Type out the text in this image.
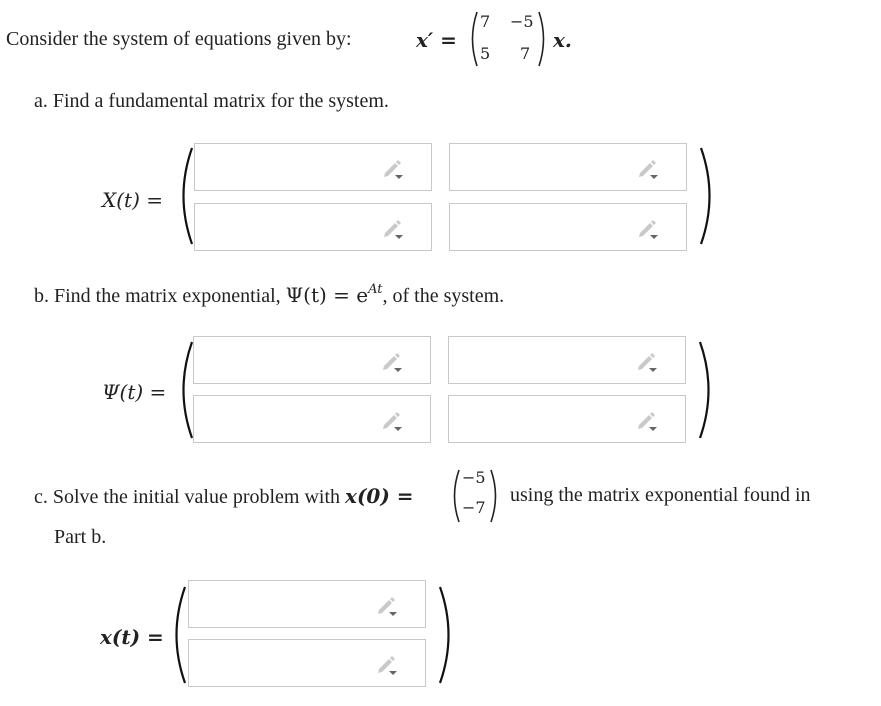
Consider the system of equations given by:	x′ =
7 −5
5 7
x.
a. Find a fundamental matrix for the system.
X(t) =
b. Find the matrix exponential, $\Psi(t) = e^{At}$, of the system.
Ψ(t) =
c. Solve the initial value problem with x(0) =
−5
−7
using the matrix exponential found in
Part b.
x(t) =
